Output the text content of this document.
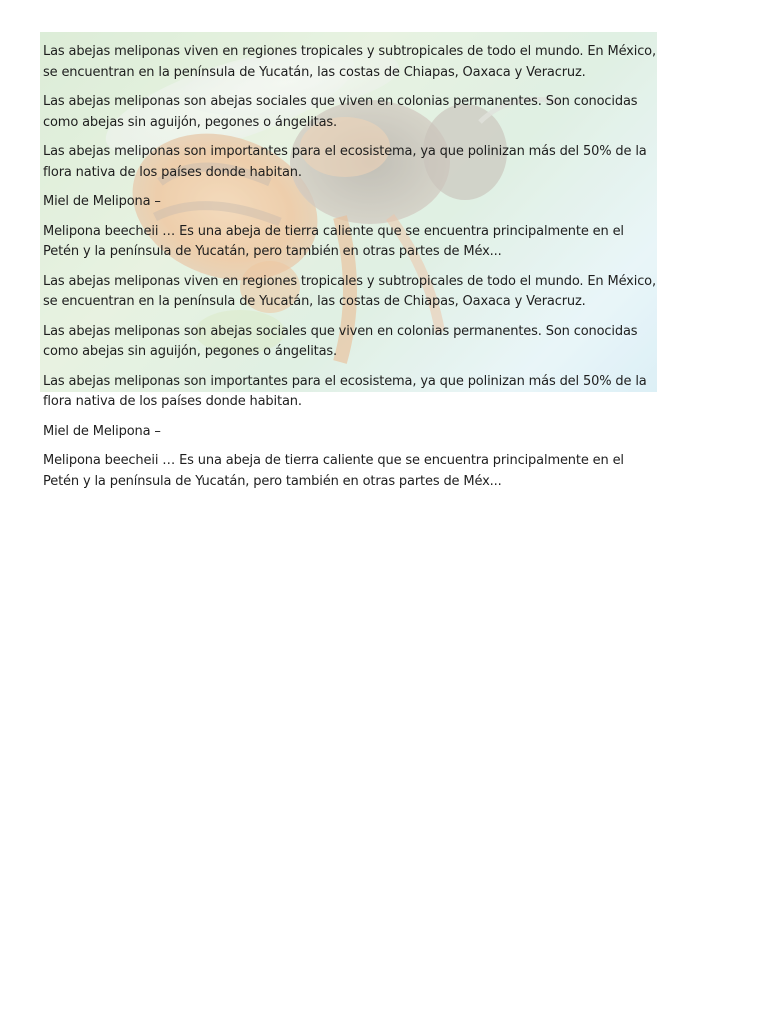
Las abejas meliponas viven en regiones tropicales y subtropicales de todo el mundo. En México, se encuentran en la península de Yucatán, las costas de Chiapas, Oaxaca y Veracruz.

Las abejas meliponas son abejas sociales que viven en colonias permanentes. Son conocidas como abejas sin aguijón, pegones o ángelitas.

Las abejas meliponas son importantes para el ecosistema, ya que polinizan más del 50% de la flora nativa de los países donde habitan.

Miel de Melipona –

Melipona beecheii … Es una abeja de tierra caliente que se encuentra principalmente en el Petén y la península de Yucatán, pero también en otras partes de Méx...

Las abejas meliponas viven en regiones tropicales y subtropicales de todo el mundo. En México, se encuentran en la península de Yucatán, las costas de Chiapas, Oaxaca y Veracruz.

Las abejas meliponas son abejas sociales que viven en colonias permanentes. Son conocidas como abejas sin aguijón, pegones o ángelitas.

Las abejas meliponas son importantes para el ecosistema, ya que polinizan más del 50% de la flora nativa de los países donde habitan.

Miel de Melipona –

Melipona beecheii … Es una abeja de tierra caliente que se encuentra principalmente en el Petén y la península de Yucatán, pero también en otras partes de Méx...
